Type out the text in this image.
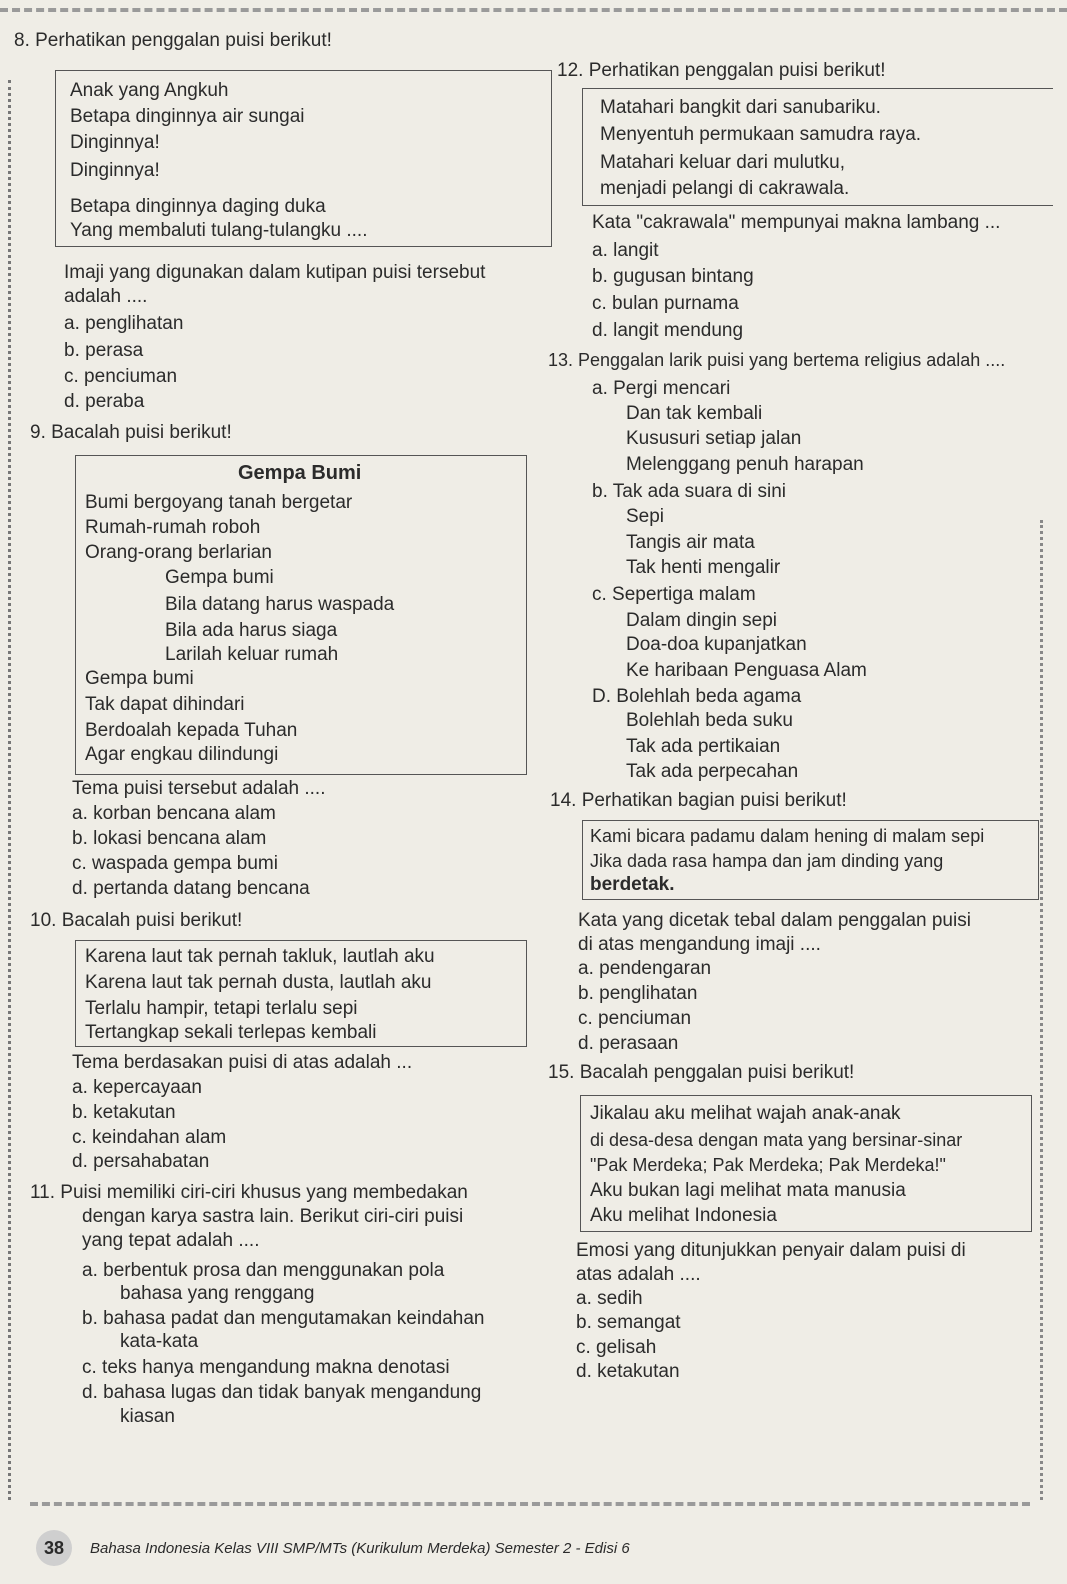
8. Perhatikan penggalan puisi berikut!
Anak yang Angkuh
Betapa dinginnya air sungai
Dinginnya!
Dinginnya!
Betapa dinginnya daging duka
Yang membaluti tulang-tulangku ....
Imaji yang digunakan dalam kutipan puisi tersebut
adalah ....
a. penglihatan
b. perasa
c. penciuman
d. peraba
9. Bacalah puisi berikut!
Gempa Bumi
Bumi bergoyang tanah bergetar
Rumah-rumah roboh
Orang-orang berlarian
Gempa bumi
Bila datang harus waspada
Bila ada harus siaga
Larilah keluar rumah
Gempa bumi
Tak dapat dihindari
Berdoalah kepada Tuhan
Agar engkau dilindungi
Tema puisi tersebut adalah ....
a. korban bencana alam
b. lokasi bencana alam
c. waspada gempa bumi
d. pertanda datang bencana
10. Bacalah puisi berikut!
Karena laut tak pernah takluk, lautlah aku
Karena laut tak pernah dusta, lautlah aku
Terlalu hampir, tetapi terlalu sepi
Tertangkap sekali terlepas kembali
Tema berdasakan puisi di atas adalah ...
a. kepercayaan
b. ketakutan
c. keindahan alam
d. persahabatan
11. Puisi memiliki ciri-ciri khusus yang membedakan
dengan karya sastra lain. Berikut ciri-ciri puisi
yang tepat adalah ....
a. berbentuk prosa dan menggunakan pola
bahasa yang renggang
b. bahasa padat dan mengutamakan keindahan
kata-kata
c. teks hanya mengandung makna denotasi
d. bahasa lugas dan tidak banyak mengandung
kiasan
12. Perhatikan penggalan puisi berikut!
Matahari bangkit dari sanubariku.
Menyentuh permukaan samudra raya.
Matahari keluar dari mulutku,
menjadi pelangi di cakrawala.
Kata "cakrawala" mempunyai makna lambang ...
a. langit
b. gugusan bintang
c. bulan purnama
d. langit mendung
13. Penggalan larik puisi yang bertema religius adalah ....
a. Pergi mencari
Dan tak kembali
Kususuri setiap jalan
Melenggang penuh harapan
b. Tak ada suara di sini
Sepi
Tangis air mata
Tak henti mengalir
c. Sepertiga malam
Dalam dingin sepi
Doa-doa kupanjatkan
Ke haribaan Penguasa Alam
D. Bolehlah beda agama
Bolehlah beda suku
Tak ada pertikaian
Tak ada perpecahan
14. Perhatikan bagian puisi berikut!
Kami bicara padamu dalam hening di malam sepi
Jika dada rasa hampa dan jam dinding yang
berdetak.
Kata yang dicetak tebal dalam penggalan puisi
di atas mengandung imaji ....
a. pendengaran
b. penglihatan
c. penciuman
d. perasaan
15. Bacalah penggalan puisi berikut!
Jikalau aku melihat wajah anak-anak
di desa-desa dengan mata yang bersinar-sinar
"Pak Merdeka; Pak Merdeka; Pak Merdeka!"
Aku bukan lagi melihat mata manusia
Aku melihat Indonesia
Emosi yang ditunjukkan penyair dalam puisi di
atas adalah ....
a. sedih
b. semangat
c. gelisah
d. ketakutan
38	Bahasa Indonesia Kelas VIII SMP/MTs (Kurikulum Merdeka) Semester 2 - Edisi 6
